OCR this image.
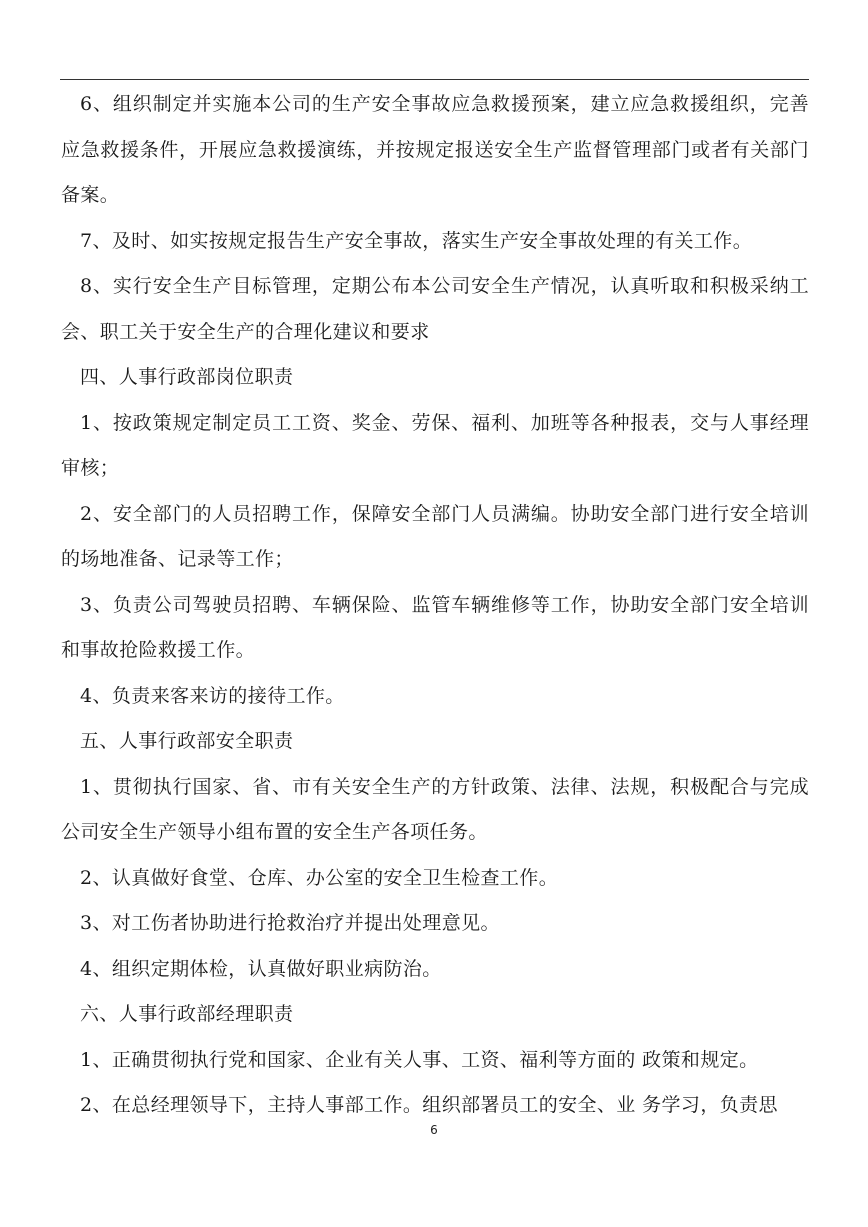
6、组织制定并实施本公司的生产安全事故应急救援预案，建立应急救援组织，完善应急救援条件，开展应急救援演练，并按规定报送安全生产监督管理部门或者有关部门备案。

7、及时、如实按规定报告生产安全事故，落实生产安全事故处理的有关工作。

8、实行安全生产目标管理，定期公布本公司安全生产情况，认真听取和积极采纳工会、职工关于安全生产的合理化建议和要求

四、人事行政部岗位职责

1、按政策规定制定员工工资、奖金、劳保、福利、加班等各种报表，交与人事经理审核；

2、安全部门的人员招聘工作，保障安全部门人员满编。协助安全部门进行安全培训的场地准备、记录等工作；

3、负责公司驾驶员招聘、车辆保险、监管车辆维修等工作，协助安全部门安全培训和事故抢险救援工作。

4、负责来客来访的接待工作。

五、人事行政部安全职责

1、贯彻执行国家、省、市有关安全生产的方针政策、法律、法规，积极配合与完成公司安全生产领导小组布置的安全生产各项任务。

2、认真做好食堂、仓库、办公室的安全卫生检查工作。

3、对工伤者协助进行抢救治疗并提出处理意见。

4、组织定期体检，认真做好职业病防治。

六、人事行政部经理职责

1、正确贯彻执行党和国家、企业有关人事、工资、福利等方面的 政策和规定。

2、在总经理领导下，主持人事部工作。组织部署员工的安全、业 务学习，负责思

6
